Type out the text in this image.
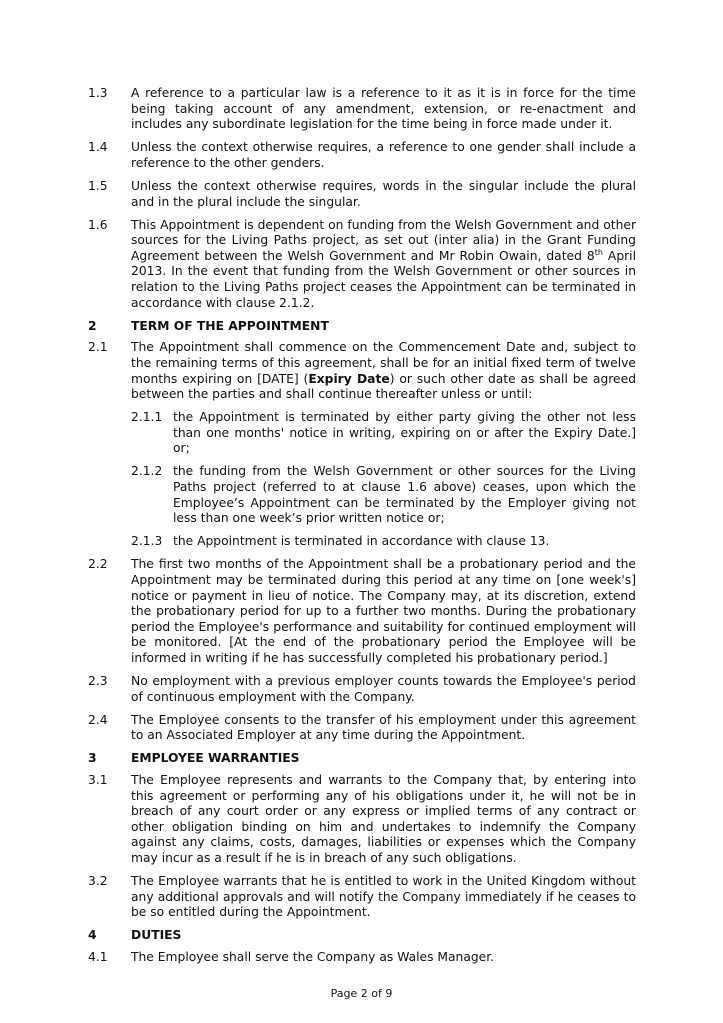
1.3	A reference to a particular law is a reference to it as it is in force for the time being taking account of any amendment, extension, or re-enactment and includes any subordinate legislation for the time being in force made under it.
1.4	Unless the context otherwise requires, a reference to one gender shall include a reference to the other genders.
1.5	Unless the context otherwise requires, words in the singular include the plural and in the plural include the singular.
1.6	This Appointment is dependent on funding from the Welsh Government and other sources for the Living Paths project, as set out (inter alia) in the Grant Funding Agreement between the Welsh Government and Mr Robin Owain, dated 8th April 2013. In the event that funding from the Welsh Government or other sources in relation to the Living Paths project ceases the Appointment can be terminated in accordance with clause 2.1.2.
2	TERM OF THE APPOINTMENT
2.1	The Appointment shall commence on the Commencement Date and, subject to the remaining terms of this agreement, shall be for an initial fixed term of twelve months expiring on [DATE] (Expiry Date) or such other date as shall be agreed between the parties and shall continue thereafter unless or until:
2.1.1 the Appointment is terminated by either party giving the other not less than one months' notice in writing, expiring on or after the Expiry Date.] or;
2.1.2 the funding from the Welsh Government or other sources for the Living Paths project (referred to at clause 1.6 above) ceases, upon which the Employee’s Appointment can be terminated by the Employer giving not less than one week’s prior written notice or;
2.1.3 the Appointment is terminated in accordance with clause 13.
2.2	The first two months of the Appointment shall be a probationary period and the Appointment may be terminated during this period at any time on [one week's] notice or payment in lieu of notice. The Company may, at its discretion, extend the probationary period for up to a further two months. During the probationary period the Employee's performance and suitability for continued employment will be monitored. [At the end of the probationary period the Employee will be informed in writing if he has successfully completed his probationary period.]
2.3	No employment with a previous employer counts towards the Employee's period of continuous employment with the Company.
2.4	The Employee consents to the transfer of his employment under this agreement to an Associated Employer at any time during the Appointment.
3	EMPLOYEE WARRANTIES
3.1	The Employee represents and warrants to the Company that, by entering into this agreement or performing any of his obligations under it, he will not be in breach of any court order or any express or implied terms of any contract or other obligation binding on him and undertakes to indemnify the Company against any claims, costs, damages, liabilities or expenses which the Company may incur as a result if he is in breach of any such obligations.
3.2	The Employee warrants that he is entitled to work in the United Kingdom without any additional approvals and will notify the Company immediately if he ceases to be so entitled during the Appointment.
4	DUTIES
4.1	The Employee shall serve the Company as Wales Manager.
Page 2 of 9
